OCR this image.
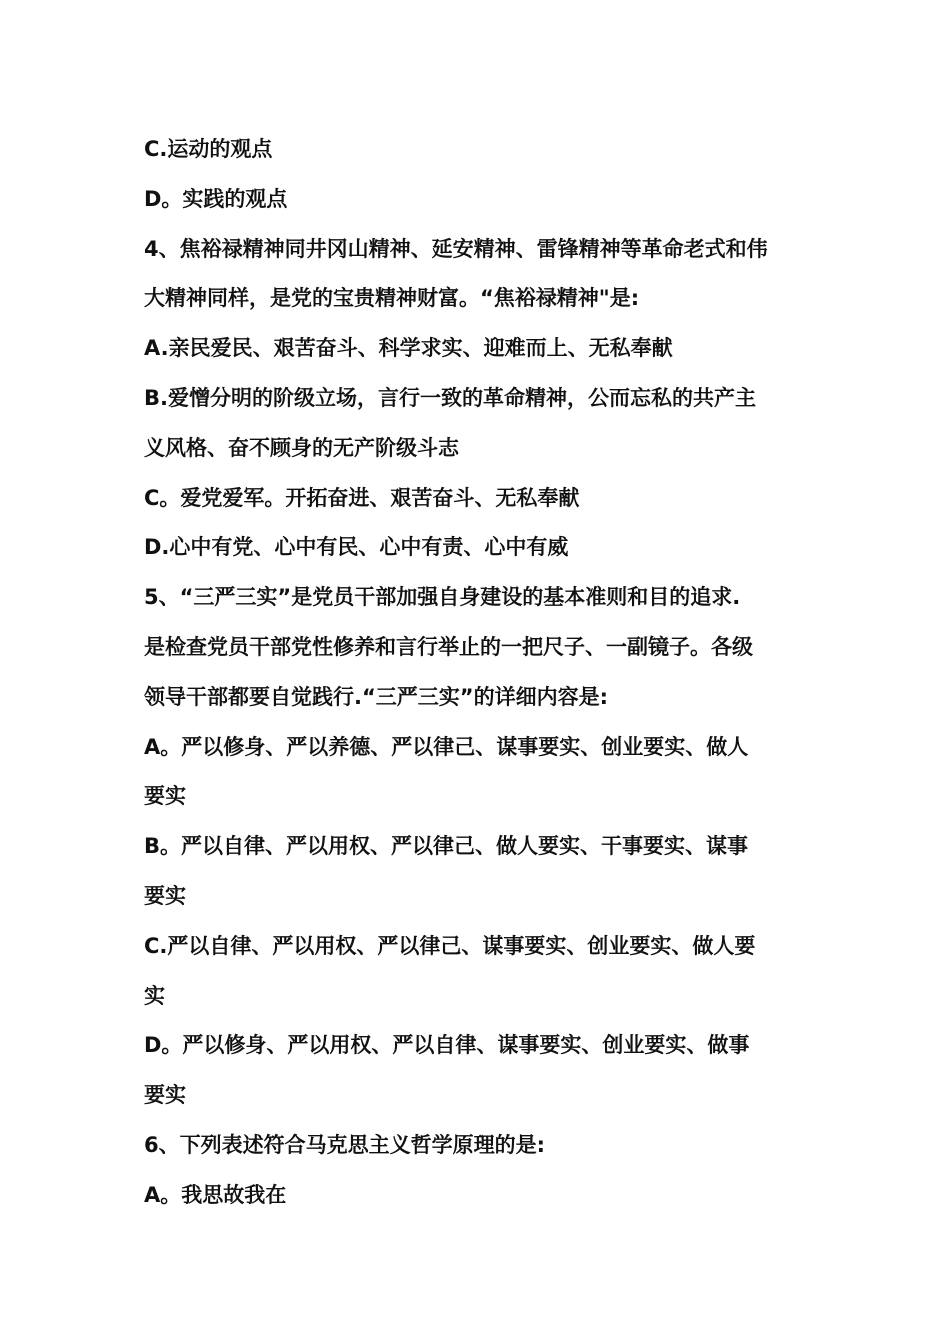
C.运动的观点
D。实践的观点
4、焦裕禄精神同井冈山精神、延安精神、雷锋精神等革命老式和伟
大精神同样，是党的宝贵精神财富。“焦裕禄精神"是:
A.亲民爱民、艰苦奋斗、科学求实、迎难而上、无私奉献
B.爱憎分明的阶级立场，言行一致的革命精神，公而忘私的共产主
义风格、奋不顾身的无产阶级斗志
C。爱党爱军。开拓奋进、艰苦奋斗、无私奉献
D.心中有党、心中有民、心中有责、心中有威
5、“三严三实”是党员干部加强自身建设的基本准则和目的追求.
是检查党员干部党性修养和言行举止的一把尺子、一副镜子。各级
领导干部都要自觉践行.“三严三实”的详细内容是:
A。严以修身、严以养德、严以律己、谋事要实、创业要实、做人
要实
B。严以自律、严以用权、严以律己、做人要实、干事要实、谋事
要实
C.严以自律、严以用权、严以律己、谋事要实、创业要实、做人要
实
D。严以修身、严以用权、严以自律、谋事要实、创业要实、做事
要实
6、下列表述符合马克思主义哲学原理的是:
A。我思故我在
